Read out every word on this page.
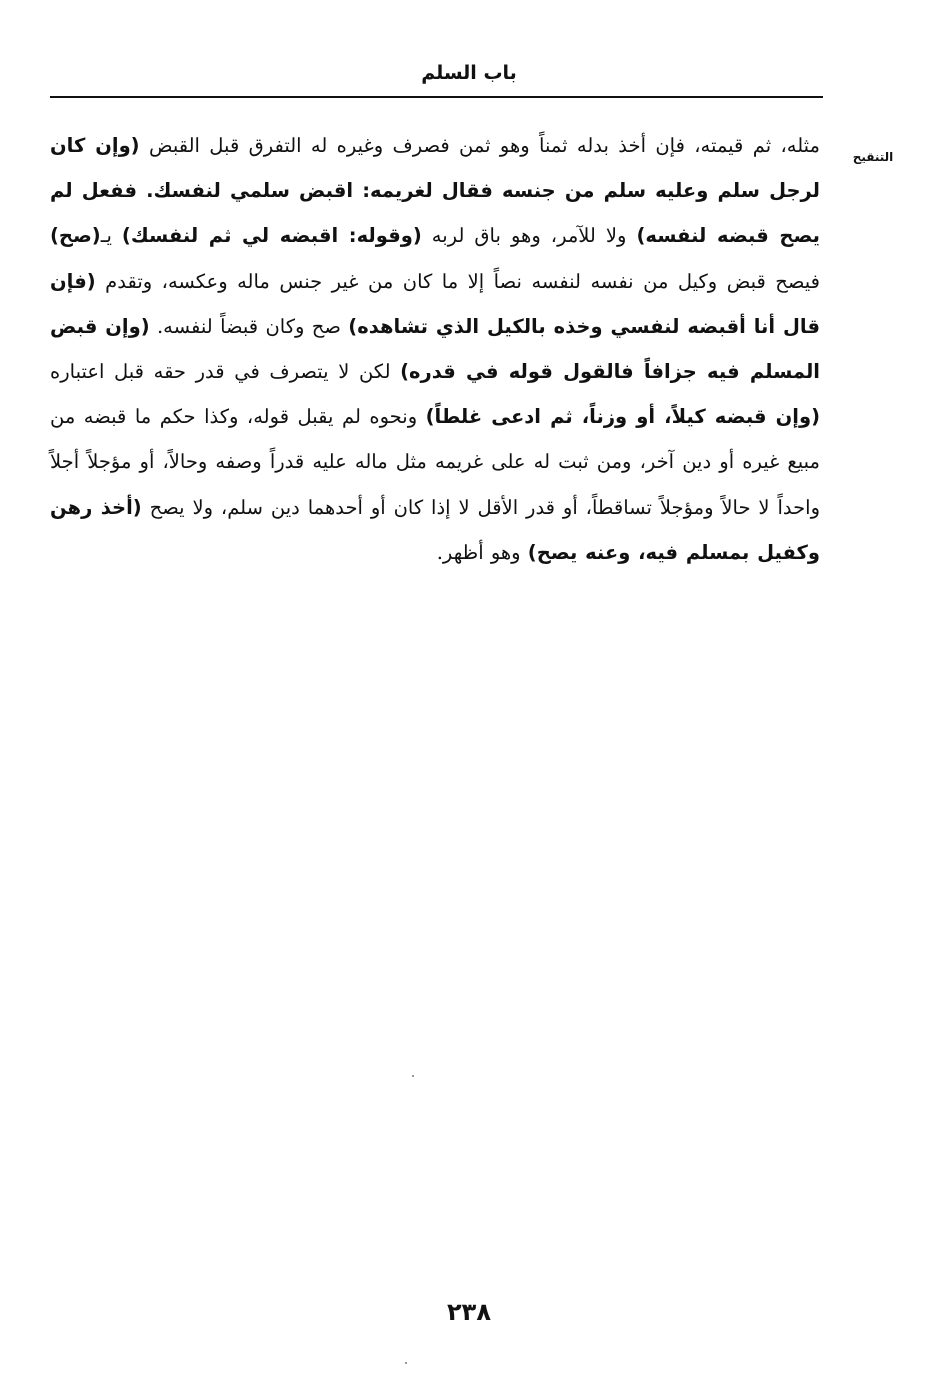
باب السلم
التنقيح
مثله، ثم قيمته، فإن أخذ بدله ثمناً وهو ثمن فصرف وغيره له التفرق قبل القبض (وإن كان لرجل سلم وعليه سلم من جنسه فقال لغريمه: اقبض سلمي لنفسك. ففعل لم يصح قبضه لنفسه) ولا للآمر، وهو باق لربه (وقوله: اقبضه لي ثم لنفسك) يـ(صح) فيصح قبض وكيل من نفسه لنفسه نصاً إلا ما كان من غير جنس ماله وعكسه، وتقدم (فإن قال أنا أقبضه لنفسي وخذه بالكيل الذي تشاهده) صح وكان قبضاً لنفسه. (وإن قبض المسلم فيه جزافاً فالقول قوله في قدره) لكن لا يتصرف في قدر حقه قبل اعتباره (وإن قبضه كيلاً، أو وزناً، ثم ادعى غلطاً) ونحوه لم يقبل قوله، وكذا حكم ما قبضه من مبيع غيره أو دين آخر، ومن ثبت له على غريمه مثل ماله عليه قدراً وصفه وحالاً، أو مؤجلاً أجلاً واحداً لا حالاً ومؤجلاً تساقطاً، أو قدر الأقل لا إذا كان أو أحدهما دين سلم، ولا يصح (أخذ رهن وكفيل بمسلم فيه، وعنه يصح) وهو أظهر.
٢٣٨
